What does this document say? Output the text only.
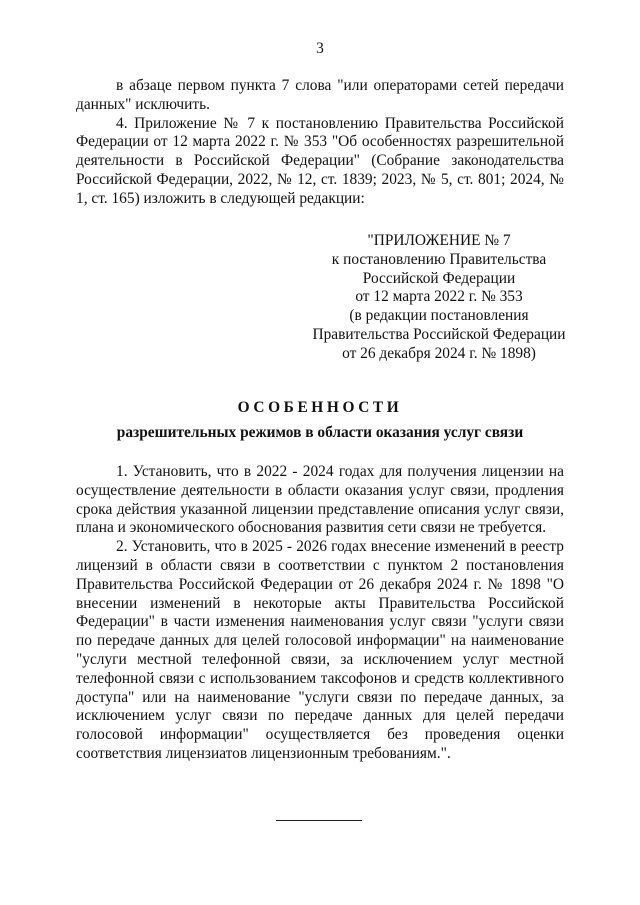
3

в абзаце первом пункта 7 слова "или операторами сетей передачи данных" исключить.

4. Приложение № 7 к постановлению Правительства Российской Федерации от 12 марта 2022 г. № 353 "Об особенностях разрешительной деятельности в Российской Федерации" (Собрание законодательства Российской Федерации, 2022, № 12, ст. 1839; 2023, № 5, ст. 801; 2024, № 1, ст. 165) изложить в следующей редакции:

"ПРИЛОЖЕНИЕ № 7
к постановлению Правительства
Российской Федерации
от 12 марта 2022 г. № 353
(в редакции постановления
Правительства Российской Федерации
от 26 декабря 2024 г. № 1898)
ОСОБЕННОСТИ
разрешительных режимов в области оказания услуг связи

1. Установить, что в 2022 - 2024 годах для получения лицензии на осуществление деятельности в области оказания услуг связи, продления срока действия указанной лицензии представление описания услуг связи, плана и экономического обоснования развития сети связи не требуется.

2. Установить, что в 2025 - 2026 годах внесение изменений в реестр лицензий в области связи в соответствии с пунктом 2 постановления Правительства Российской Федерации от 26 декабря 2024 г. № 1898 "О внесении изменений в некоторые акты Правительства Российской Федерации" в части изменения наименования услуг связи "услуги связи по передаче данных для целей голосовой информации" на наименование "услуги местной телефонной связи, за исключением услуг местной телефонной связи с использованием таксофонов и средств коллективного доступа" или на наименование "услуги связи по передаче данных, за исключением услуг связи по передаче данных для целей передачи голосовой информации" осуществляется без проведения оценки соответствия лицензиатов лицензионным требованиям.".
